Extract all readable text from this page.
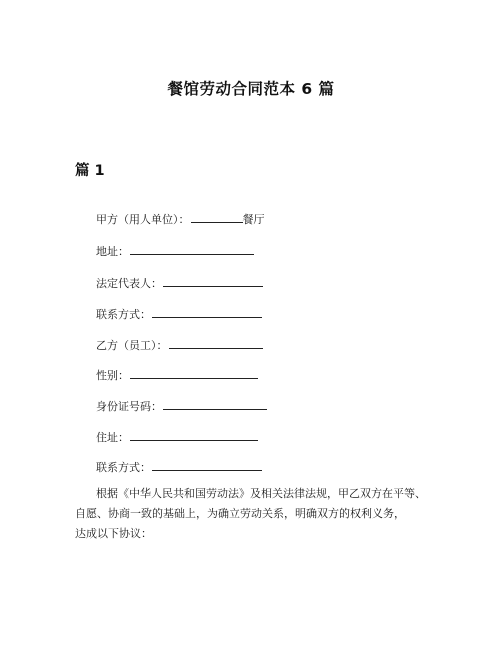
餐馆劳动合同范本 6 篇
篇 1
甲方（用人单位）：	餐厅
地址：
法定代表人：
联系方式：
乙方（员工）：
性别：
身份证号码：
住址：
联系方式：
根据《中华人民共和国劳动法》及相关法律法规，甲乙双方在平等、
自愿、协商一致的基础上，为确立劳动关系，明确双方的权利义务，
达成以下协议：
